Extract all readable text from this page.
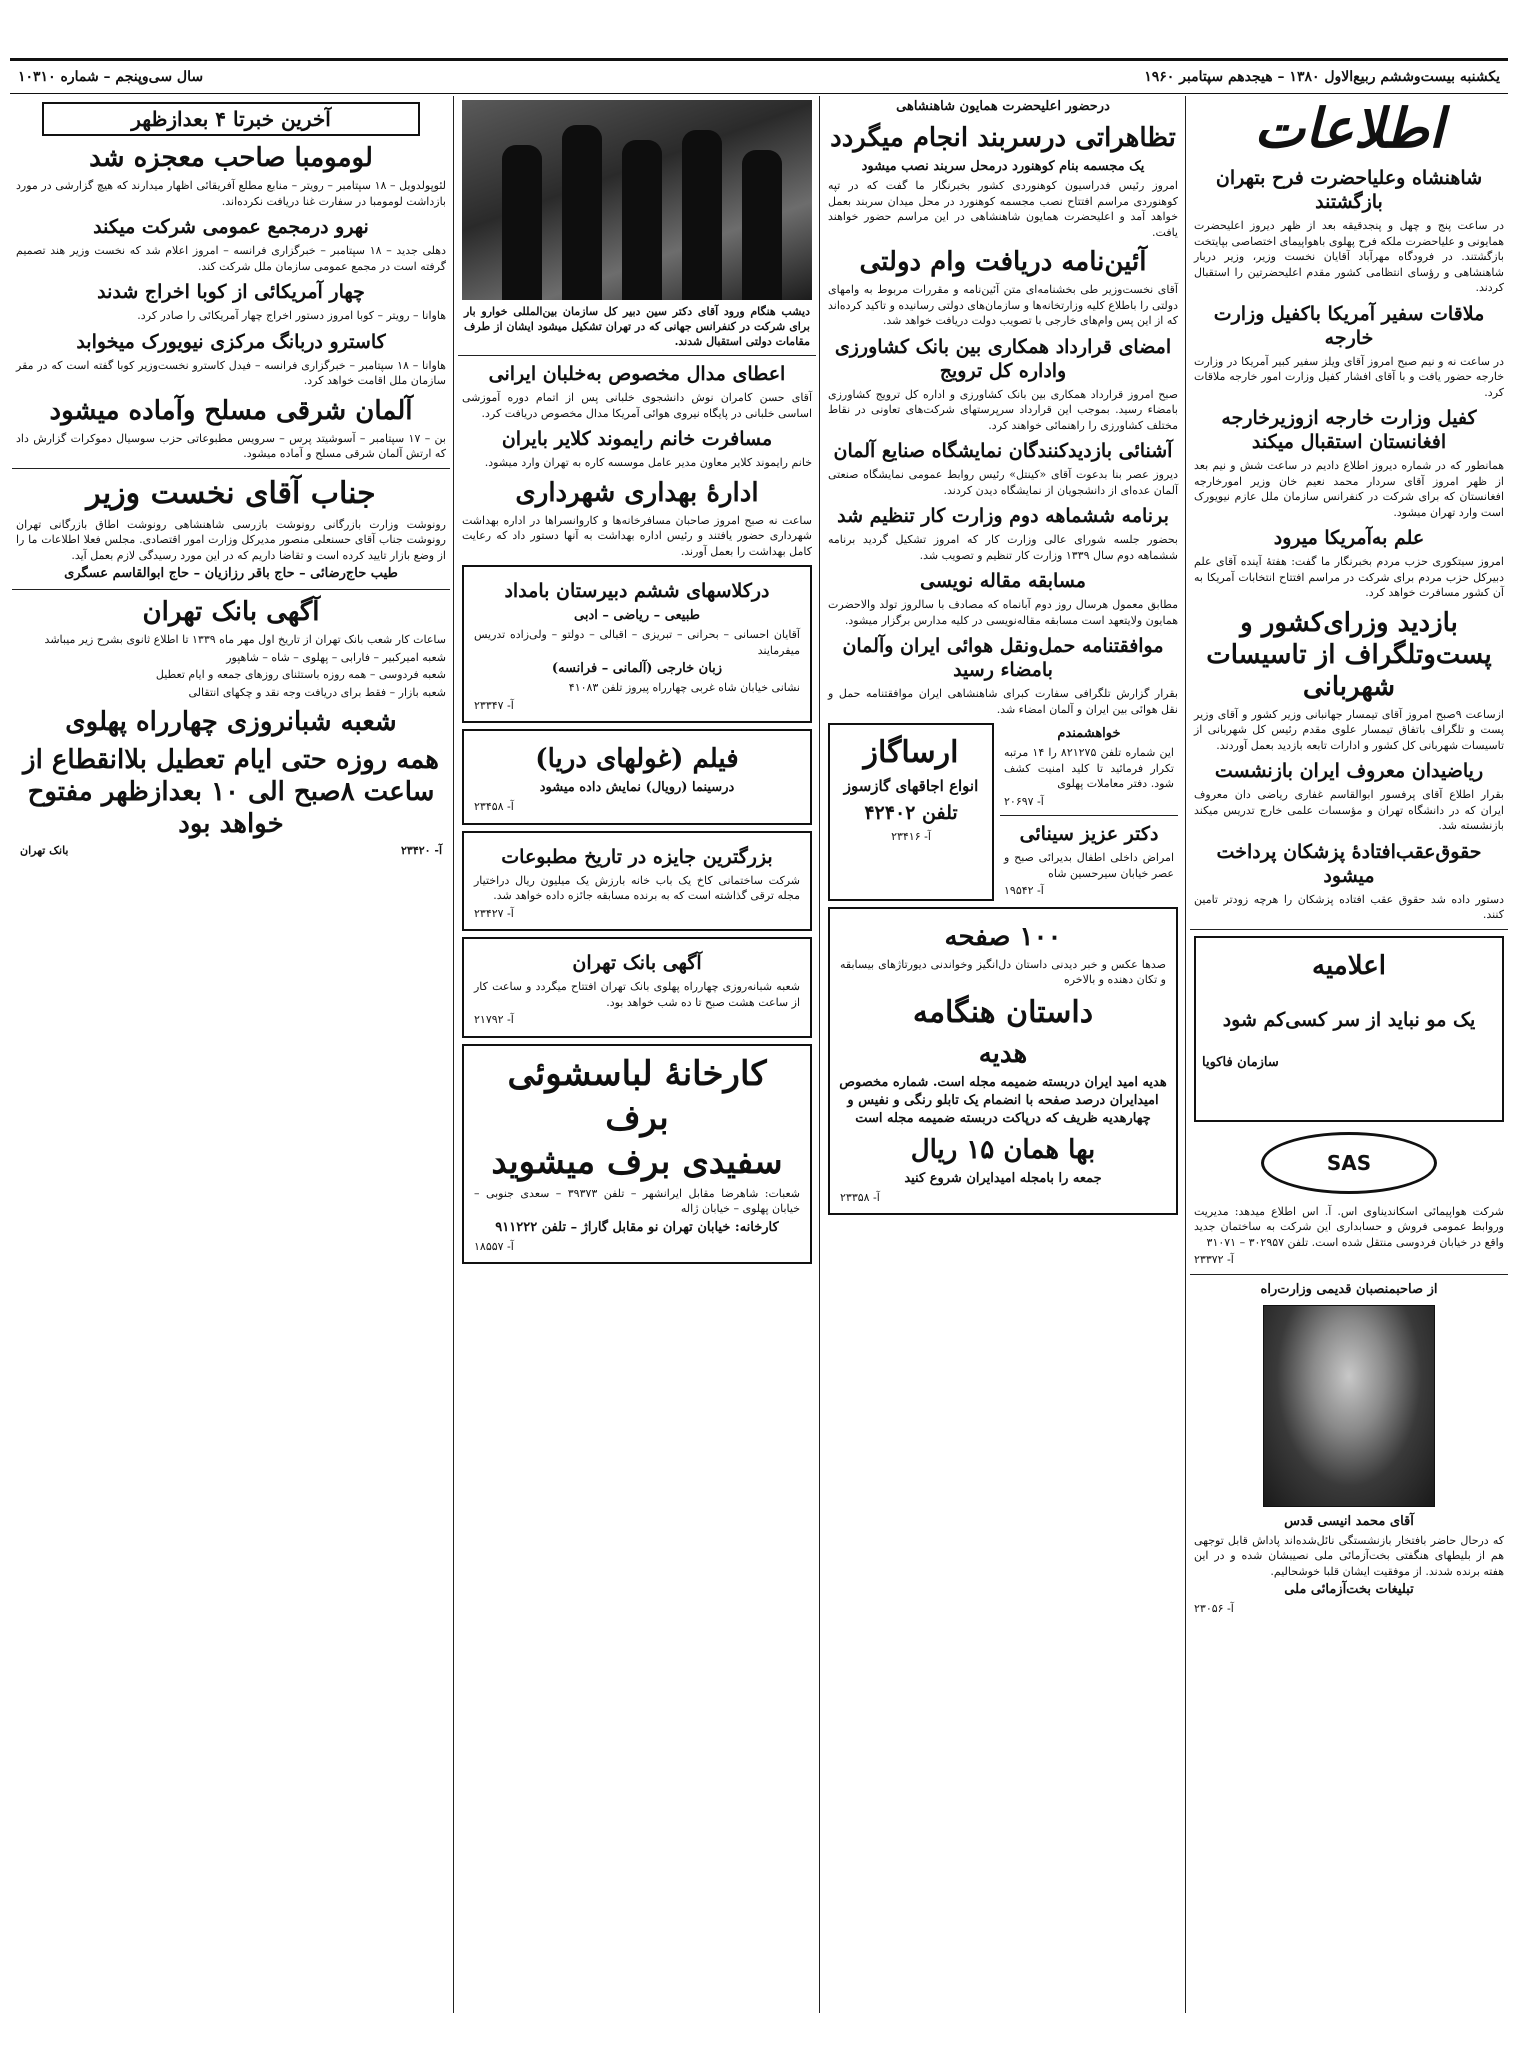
یکشنبه بیست‌وششم ربیع‌الاول ۱۳۸۰ – هیجدهم سپتامبر ۱۹۶۰
سال سی‌وپنجم – شماره ۱۰۳۱۰
اطلاعات
شاهنشاه وعلیاحضرت فرح بتهران بازگشتند
در ساعت پنج و چهل و پنجدقیقه بعد از ظهر دیروز اعلیحضرت همایونی و علیاحضرت ملکه فرح پهلوی باهواپیمای اختصاصی بپایتخت بازگشتند. در فرودگاه مهرآباد آقایان نخست وزیر، وزیر دربار شاهنشاهی و رؤسای انتظامی کشور مقدم اعلیحضرتین را استقبال کردند.
ملاقات سفیر آمریکا باکفیل وزارت خارجه
در ساعت نه و نیم صبح امروز آقای ویلز سفیر کبیر آمریکا در وزارت خارجه حضور یافت و با آقای افشار کفیل وزارت امور خارجه ملاقات کرد.
کفیل وزارت خارجه ازوزیرخارجه افغانستان استقبال میکند
همانطور که در شماره دیروز اطلاع دادیم در ساعت شش و نیم بعد از ظهر امروز آقای سردار محمد نعیم خان وزیر امورخارجه افغانستان که برای شرکت در کنفرانس سازمان ملل عازم نیویورک است وارد تهران میشود.
علم به‌آمریکا میرود
امروز سیتکوری حزب مردم بخبرنگار ما گفت: هفتهٔ آینده آقای علم دبیرکل حزب مردم برای شرکت در مراسم افتتاح انتخابات آمریکا به آن کشور مسافرت خواهد کرد.
بازدید وزرای‌کشور و پست‌وتلگراف از تاسیسات شهربانی
ازساعت ۹صبح امروز آقای تیمسار جهانبانی وزیر کشور و آقای وزیر پست و تلگراف باتفاق تیمسار علوی مقدم رئیس کل شهربانی از تاسیسات شهربانی کل کشور و ادارات تابعه بازدید بعمل آوردند.
ریاضیدان معروف ایران بازنشست
بقرار اطلاع آقای پرفسور ابوالقاسم غفاری ریاضی دان معروف ایران که در دانشگاه تهران و مؤسسات علمی خارج تدریس میکند بازنشسته شد.
حقوق‌عقب‌افتادهٔ پزشکان پرداخت میشود
دستور داده شد حقوق عقب افتاده پزشکان را هرچه زودتر تامین کنند.
اعلامیه
یک مو نباید از سر کسی‌کم شود
سازمان فاکویا
SAS
شرکت هواپیمائی اسکاندیناوی اس. آ. اس اطلاع میدهد: مدیریت وروابط عمومی فروش و حسابداری این شرکت به ساختمان جدید واقع در خیابان فردوسی منتقل شده است. تلفن ۳۰۲۹۵۷ – ۳۱۰۷۱
آ- ۲۳۳۷۲
از صاحبمنصبان قدیمی وزارت‌راه
آقای محمد انیسی قدس
که درحال حاضر بافتخار بازنشستگی نائل‌شده‌اند پاداش قابل توجهی هم از بلیطهای هنگفتی بخت‌آزمائی ملی نصیبشان شده و در این هفته برنده شدند. از موفقیت ایشان قلبا خوشحالیم.
تبلیغات بخت‌آزمائی ملی
آ- ۲۳۰۵۶
درحضور اعلیحضرت همایون شاهنشاهی
تظاهراتی درسربند انجام میگردد
یک مجسمه بنام کوهنورد درمحل سربند نصب میشود
امروز رئیس فدراسیون کوهنوردی کشور بخبرنگار ما گفت که در تپه کوهنوردی مراسم افتتاح نصب مجسمه کوهنورد در محل میدان سربند بعمل خواهد آمد و اعلیحضرت همایون شاهنشاهی در این مراسم حضور خواهند یافت.
آئین‌نامه دریافت وام دولتی
آقای نخست‌وزیر طی بخشنامه‌ای متن آئین‌نامه و مقررات مربوط به وامهای دولتی را باطلاع کلیه وزارتخانه‌ها و سازمان‌های دولتی رسانیده و تاکید کرده‌اند که از این پس وام‌های خارجی با تصویب دولت دریافت خواهد شد.
امضای قرارداد همکاری بین بانک کشاورزی واداره کل ترویج
صبح امروز قرارداد همکاری بین بانک کشاورزی و اداره کل ترویج کشاورزی بامضاء رسید. بموجب این قرارداد سرپرستهای شرکت‌های تعاونی در نقاط مختلف کشاورزی را راهنمائی خواهند کرد.
آشنائی بازدیدکنندگان نمایشگاه صنایع آلمان
دیروز عصر بنا بدعوت آقای «کینتل» رئیس روابط عمومی نمایشگاه صنعتی آلمان عده‌ای از دانشجویان از نمایشگاه دیدن کردند.
برنامه ششماهه دوم وزارت کار تنظیم شد
بحضور جلسه شورای عالی وزارت کار که امروز تشکیل گردید برنامه ششماهه دوم سال ۱۳۳۹ وزارت کار تنظیم و تصویب شد.
مسابقه مقاله نویسی
مطابق معمول هرسال روز دوم آبانماه که مصادف با سالروز تولد والاحضرت همایون ولایتعهد است مسابقه مقاله‌نویسی در کلیه مدارس برگزار میشود.
موافقتنامه حمل‌ونقل هوائی ایران وآلمان بامضاء رسید
بقرار گزارش تلگرافی سفارت کبرای شاهنشاهی ایران موافقتنامه حمل و نقل هوائی بین ایران و آلمان امضاء شد.
خواهشمندم
این شماره تلفن ۸۲۱۲۷۵ را ۱۴ مرتبه تکرار فرمائید تا کلید امنیت کشف شود. دفتر معاملات پهلوی
آ- ۲۰۶۹۷
دکتر عزیز سینائی
امراض داخلی اطفال بدیرائی صبح و عصر خیابان سیرحسین شاه
آ- ۱۹۵۴۲
ارساگاز
انواع اجاقهای گازسوز
تلفن ۴۲۴۰۲
آ- ۲۳۴۱۶
۱۰۰ صفحه
صدها عکس و خبر دیدنی داستان دل‌انگیز وخواندنی دیورتاژهای بیسابقه و تکان دهنده و بالاخره
داستان هنگامه
هدیه
هدیه امید ایران دربسته ضمیمه مجله است. شماره مخصوص امیدایران درصد صفحه با انضمام یک تابلو رنگی و نفیس و چهارهدیه ظریف که درپاکت دربسته ضمیمه مجله است
بها همان ۱۵ ریال
جمعه را بامجله امیدایران شروع کنید
آ- ۲۳۳۵۸
دیشب هنگام ورود آقای دکتر سین دبیر کل سازمان بین‌المللی خوارو بار برای شرکت در کنفرانس جهانی که در تهران تشکیل میشود ایشان از طرف مقامات دولتی استقبال شدند.
اعطای مدال مخصوص به‌خلبان ایرانی
آقای حسن کامران نوش دانشجوی خلبانی پس از اتمام دوره آموزشی اساسی خلبانی در پایگاه نیروی هوائی آمریکا مدال مخصوص دریافت کرد.
مسافرت خانم رایموند کلایر بایران
خانم رایموند کلایر معاون مدیر عامل موسسه کاره به تهران وارد میشود.
ادارهٔ بهداری شهرداری
ساعت نه صبح امروز صاحبان مسافرخانه‌ها و کاروانسراها در اداره بهداشت شهرداری حضور یافتند و رئیس اداره بهداشت به آنها دستور داد که رعایت کامل بهداشت را بعمل آورند.
درکلاسهای ششم دبیرستان بامداد
طبیعی – ریاضی – ادبی
آقایان احسانی – بحرانی – تبریزی – اقبالی – دولتو – ولی‌زاده تدریس میفرمایند
زبان خارجی (آلمانی – فرانسه)
نشانی خیابان شاه غربی چهارراه پیروز تلفن ۴۱۰۸۳
آ- ۲۳۳۴۷
فیلم (غولهای دریا)
درسینما (رویال) نمایش داده میشود
آ- ۲۳۴۵۸
بزرگترین جایزه در تاریخ مطبوعات
شرکت ساختمانی کاخ یک باب خانه بارزش یک میلیون ریال دراختیار مجله ترقی گذاشته است که به برنده مسابقه جائزه داده خواهد شد.
آ- ۲۳۴۲۷
آگهی بانک تهران
شعبه شبانه‌روزی چهارراه پهلوی بانک تهران افتتاح میگردد و ساعت کار از ساعت هشت صبح تا ده شب خواهد بود.
آ- ۲۱۷۹۲
کارخانهٔ لباسشوئی برف
سفیدی برف میشوید
شعبات: شاهرضا مقابل ایرانشهر – تلفن ۳۹۳۷۳ – سعدی جنوبی – خیابان پهلوی – خیابان ژاله
کارخانه: خیابان تهران نو مقابل گاراژ – تلفن ۹۱۱۲۲۲
آ- ۱۸۵۵۷
آخرین خبرتا ۴ بعدازظهر
لومومبا صاحب معجزه شد
لئوپولدویل – ۱۸ سپتامبر – رویتر – منابع مطلع آفریقائی اظهار میدارند که هیچ گزارشی در مورد بازداشت لومومبا در سفارت غنا دریافت نکرده‌اند.
نهرو درمجمع عمومی شرکت میکند
دهلی جدید – ۱۸ سپتامبر – خبرگزاری فرانسه – امروز اعلام شد که نخست وزیر هند تصمیم گرفته است در مجمع عمومی سازمان ملل شرکت کند.
چهار آمریکائی از کوبا اخراج شدند
هاوانا – رویتر – کوبا امروز دستور اخراج چهار آمریکائی را صادر کرد.
کاسترو دربانگ مرکزی نیویورک میخوابد
هاوانا – ۱۸ سپتامبر – خبرگزاری فرانسه – فیدل کاسترو نخست‌وزیر کوبا گفته است که در مقر سازمان ملل اقامت خواهد کرد.
آلمان شرقی مسلح وآماده میشود
بن – ۱۷ سپتامبر – آسوشیتد پرس – سرویس مطبوعاتی حزب سوسیال دموکرات گزارش داد که ارتش آلمان شرقی مسلح و آماده میشود.
جناب آقای نخست وزیر
رونوشت وزارت بازرگانی رونوشت بازرسی شاهنشاهی رونوشت اطاق بازرگانی تهران رونوشت جناب آقای حسنعلی منصور مدیرکل وزارت امور اقتصادی. مجلس فعلا اطلاعات ما را از وضع بازار تایید کرده است و تقاضا داریم که در این مورد رسیدگی لازم بعمل آید.
طیب حاج‌رضائی – حاج باقر رزازیان – حاج ابوالقاسم عسگری
آگهی بانک تهران
ساعات کار شعب بانک تهران از تاریخ اول مهر ماه ۱۳۳۹ تا اطلاع ثانوی بشرح زیر میباشد
شعبه امیرکبیر – فارابی – پهلوی – شاه – شاهپور
شعبه فردوسی – همه روزه باستثنای روزهای جمعه و ایام تعطیل
شعبه بازار – فقط برای دریافت وجه نقد و چکهای انتقالی
شعبه شبانروزی چهارراه پهلوی
همه روزه حتی ایام تعطیل بلاانقطاع از ساعت ۸صبح الی ۱۰ بعدازظهر مفتوح خواهد بود
آ- ۲۳۴۲۰
بانک تهران
